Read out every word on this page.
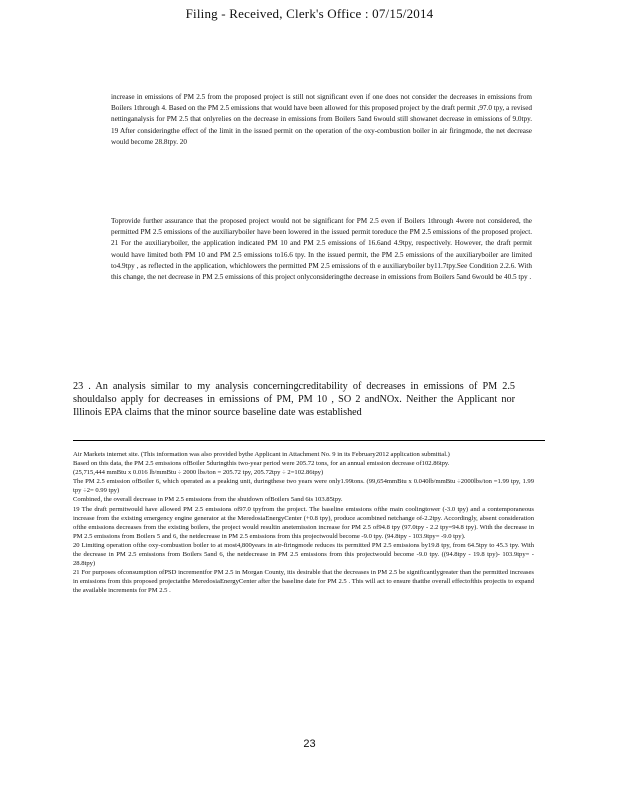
Filing - Received, Clerk's Office : 07/15/2014

increase in emissions of PM 2.5 from the proposed project is still not significant even if one does not consider the decreases in emissions from Boilers 1through 4. Based on the PM 2.5 emissions that would have been allowed for this proposed project by the draft permit ,97.0 tpy, a revised nettinganalysis for PM 2.5 that onlyrelies on the decrease in emissions from Boilers 5and 6would still showanet decrease in emissions of 9.0tpy. 19 After consideringthe effect of the limit in the issued permit on the operation of the oxy-combustion boiler in air firingmode, the net decrease would become 28.8tpy. 20

Toprovide further assurance that the proposed project would not be significant for PM 2.5 even if Boilers 1through 4were not considered, the permitted PM 2.5 emissions of the auxiliaryboiler have been lowered in the issued permit toreduce the PM 2.5 emissions of the proposed project. 21 For the auxiliaryboiler, the application indicated PM 10 and PM 2.5 emissions of 16.6and 4.9tpy, respectively. However, the draft permit would have limited both PM 10 and PM 2.5 emissions to16.6 tpy. In the issued permit, the PM 2.5 emissions of the auxiliaryboiler are limited to4.9tpy , as reflected in the application, whichlowers the permitted PM 2.5 emissions of th e auxiliaryboiler by11.7tpy.See Condition 2.2.6. With this change, the net decrease in PM 2.5 emissions of this project onlyconsideringthe decrease in emissions from Boilers 5and 6would be 40.5 tpy .

23 . An analysis similar to my analysis concerningcreditability of decreases in emissions of PM 2.5 shouldalso apply for decreases in emissions of PM, PM 10 , SO 2 andNOx. Neither the Applicant nor Illinois EPA claims that the minor source baseline date was established

Air Markets internet site. (This information was also provided bythe Applicant in Attachment No. 9 in its February2012 application submittal.)

Based on this data, the PM 2.5 emissions ofBoiler 5duringthis two-year period were 205.72 tons, for an annual emission decrease of102.86tpy.

(25,715,444 mmBtu x 0.016 lb/mmBtu ÷ 2000 lbs/ton = 205.72 tpy, 205.72tpy ÷ 2=102.86tpy)

The PM 2.5 emission ofBoiler 6, which operated as a peaking unit, duringthese two years were only1.99tons. (99,654mmBtu x 0.040lb/mmBtu ÷2000lbs/ton =1.99 tpy, 1.99 tpy ÷2= 0.99 tpy)

Combined, the overall decrease in PM 2.5 emissions from the shutdown ofBoilers 5and 6is 103.85tpy.

19 The draft permitwould have allowed PM 2.5 emissions of97.0 tpyfrom the project. The baseline emissions ofthe main coolingtower (-3.0 tpy) and a contemporaneous increase from the existing emergency engine generator at the MeredosiaEnergyCenter (+0.8 tpy), produce acombined netchange of-2.2tpy. Accordingly, absent consideration ofthe emissions decreases from the existing boilers, the project would resultin anetemission increase for PM 2.5 of94.8 tpy (97.0tpy - 2.2 tpy=94.8 tpy). With the decrease in PM 2.5 emissions from Boilers 5 and 6, the netdecrease in PM 2.5 emissions from this projectwould become -9.0 tpy. (94.8tpy - 103.9tpy= -9.0 tpy).

20 Limiting operation ofthe oxy-combustion boiler to at most4,800years in air-firingmode reduces its permitted PM 2.5 emissions by19.8 tpy, from 64.5tpy to 45.3 tpy. With the decrease in PM 2.5 emissions from Boilers 5and 6, the netdecrease in PM 2.5 emissions from this projectwould become -9.0 tpy. ((94.8tpy - 19.8 tpy)- 103.9tpy= - 28.8tpy)

21 For purposes ofconsumption ofPSD incrementfor PM 2.5 in Morgan County, itis desirable that the decreases in PM 2.5 be significantlygreater than the permitted increases in emissions from this proposed projectatthe MeredosiaEnergyCenter after the baseline date for PM 2.5 . This will act to ensure thatthe overall effectofthis projectis to expand the available increments for PM 2.5 .

23
